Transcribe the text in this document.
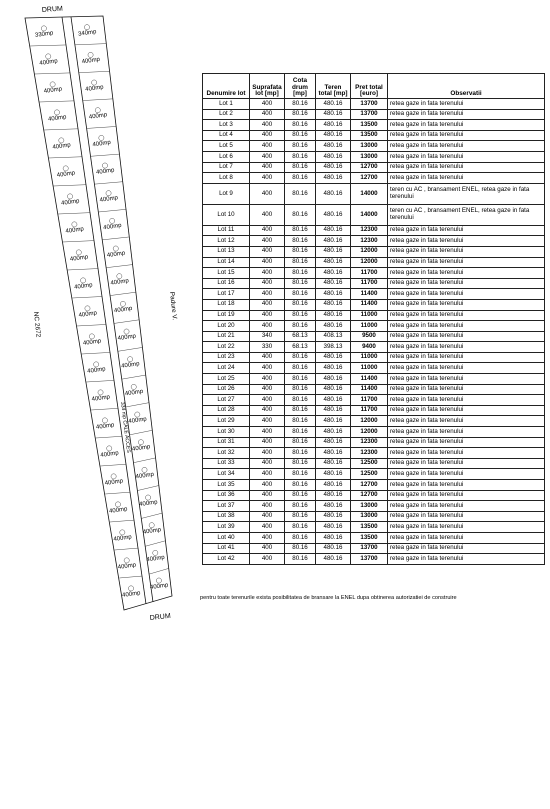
330mp	340mp
400mp	400mp
400mp	400mp
400mp	400mp
400mp	400mp
400mp	400mp
400mp	400mp
400mp	400mp
400mp	400mp
400mp	400mp
400mp
400mp
400mp
400mp
400mp
400mp
400mp
400mp
400mp
400mp
400mp
400mp
400mp
400mp
400mp
400mp
400mp
400mp
400mp
400mp
400mp
400mp
DRUM
DRUM
NC 2672
Padure V.
334 mp CALE ACCES
Denumire lot	Suprafata lot [mp]	Cota drum [mp]	Teren total [mp]	Pret total [euro]	Observatii
Lot 1	400	80.16	480.16	13700	retea gaze in fata terenului
Lot 2	400	80.16	480.16	13700	retea gaze in fata terenului
Lot 3	400	80.16	480.16	13500	retea gaze in fata terenului
Lot 4	400	80.16	480.16	13500	retea gaze in fata terenului
Lot 5	400	80.16	480.16	13000	retea gaze in fata terenului
Lot 6	400	80.16	480.16	13000	retea gaze in fata terenului
Lot 7	400	80.16	480.16	12700	retea gaze in fata terenului
Lot 8	400	80.16	480.16	12700	retea gaze in fata terenului
Lot 9	400	80.16	480.16	14000	teren cu AC , bransament ENEL, retea gaze in fata terenului
Lot 10	400	80.16	480.16	14000	teren cu AC , bransament ENEL, retea gaze in fata terenului
Lot 11	400	80.16	480.16	12300	retea gaze in fata terenului
Lot 12	400	80.16	480.16	12300	retea gaze in fata terenului
Lot 13	400	80.16	480.16	12000	retea gaze in fata terenului
Lot 14	400	80.16	480.16	12000	retea gaze in fata terenului
Lot 15	400	80.16	480.16	11700	retea gaze in fata terenului
Lot 16	400	80.16	480.16	11700	retea gaze in fata terenului
Lot 17	400	80.16	480.16	11400	retea gaze in fata terenului
Lot 18	400	80.16	480.16	11400	retea gaze in fata terenului
Lot 19	400	80.16	480.16	11000	retea gaze in fata terenului
Lot 20	400	80.16	480.16	11000	retea gaze in fata terenului
Lot 21	340	68.13	408.13	9500	retea gaze in fata terenului
Lot 22	330	68.13	398.13	9400	retea gaze in fata terenului
Lot 23	400	80.16	480.16	11000	retea gaze in fata terenului
Lot 24	400	80.16	480.16	11000	retea gaze in fata terenului
Lot 25	400	80.16	480.16	11400	retea gaze in fata terenului
Lot 26	400	80.16	480.16	11400	retea gaze in fata terenului
Lot 27	400	80.16	480.16	11700	retea gaze in fata terenului
Lot 28	400	80.16	480.16	11700	retea gaze in fata terenului
Lot 29	400	80.16	480.16	12000	retea gaze in fata terenului
Lot 30	400	80.16	480.16	12000	retea gaze in fata terenului
Lot 31	400	80.16	480.16	12300	retea gaze in fata terenului
Lot 32	400	80.16	480.16	12300	retea gaze in fata terenului
Lot 33	400	80.16	480.16	12500	retea gaze in fata terenului
Lot 34	400	80.16	480.16	12500	retea gaze in fata terenului
Lot 35	400	80.16	480.16	12700	retea gaze in fata terenului
Lot 36	400	80.16	480.16	12700	retea gaze in fata terenului
Lot 37	400	80.16	480.16	13000	retea gaze in fata terenului
Lot 38	400	80.16	480.16	13000	retea gaze in fata terenului
Lot 39	400	80.16	480.16	13500	retea gaze in fata terenului
Lot 40	400	80.16	480.16	13500	retea gaze in fata terenului
Lot 41	400	80.16	480.16	13700	retea gaze in fata terenului
Lot 42	400	80.16	480.16	13700	retea gaze in fata terenului
pentru toate terenurile exista posibilitatea de bransare la ENEL dupa obtinerea autorizatiei de construire
